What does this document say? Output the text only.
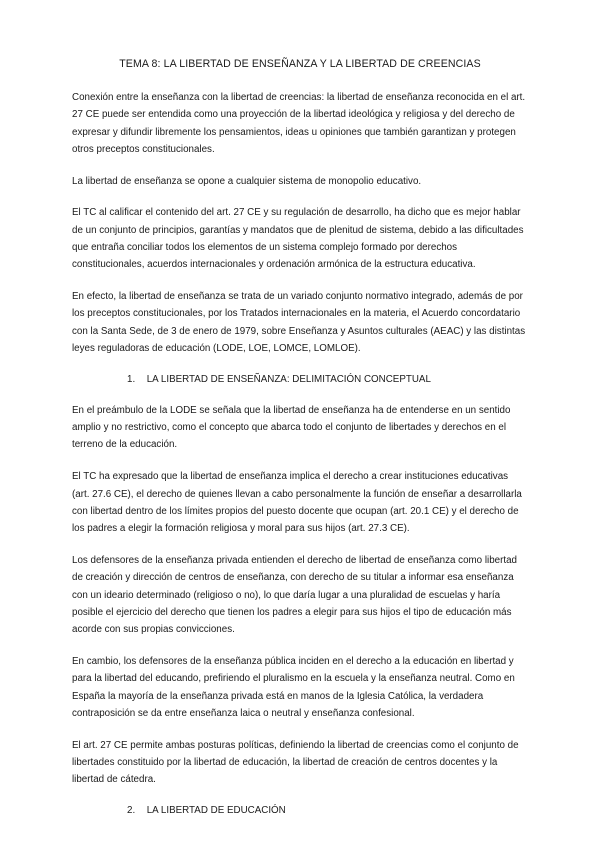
TEMA 8: LA LIBERTAD DE ENSEÑANZA Y LA LIBERTAD DE CREENCIAS

Conexión entre la enseñanza con la libertad de creencias: la libertad de enseñanza reconocida en el art. 27 CE puede ser entendida como una proyección de la libertad ideológica y religiosa y del derecho de expresar y difundir libremente los pensamientos, ideas u opiniones que también garantizan y protegen otros preceptos constitucionales.

La libertad de enseñanza se opone a cualquier sistema de monopolio educativo.

El TC al calificar el contenido del art. 27 CE y su regulación de desarrollo, ha dicho que es mejor hablar de un conjunto de principios, garantías y mandatos que de plenitud de sistema, debido a las dificultades que entraña conciliar todos los elementos de un sistema complejo formado por derechos constitucionales, acuerdos internacionales y ordenación armónica de la estructura educativa.

En efecto, la libertad de enseñanza se trata de un variado conjunto normativo integrado, además de por los preceptos constitucionales, por los Tratados internacionales en la materia, el Acuerdo concordatario con la Santa Sede, de 3 de enero de 1979, sobre Enseñanza y Asuntos culturales (AEAC) y las distintas leyes reguladoras de educación (LODE, LOE, LOMCE, LOMLOE).

1. LA LIBERTAD DE ENSEÑANZA: DELIMITACIÓN CONCEPTUAL

En el preámbulo de la LODE se señala que la libertad de enseñanza ha de entenderse en un sentido amplio y no restrictivo, como el concepto que abarca todo el conjunto de libertades y derechos en el terreno de la educación.

El TC ha expresado que la libertad de enseñanza implica el derecho a crear instituciones educativas (art. 27.6 CE), el derecho de quienes llevan a cabo personalmente la función de enseñar a desarrollarla con libertad dentro de los límites propios del puesto docente que ocupan (art. 20.1 CE) y el derecho de los padres a elegir la formación religiosa y moral para sus hijos (art. 27.3 CE).

Los defensores de la enseñanza privada entienden el derecho de libertad de enseñanza como libertad de creación y dirección de centros de enseñanza, con derecho de su titular a informar esa enseñanza con un ideario determinado (religioso o no), lo que daría lugar a una pluralidad de escuelas y haría posible el ejercicio del derecho que tienen los padres a elegir para sus hijos el tipo de educación más acorde con sus propias convicciones.

En cambio, los defensores de la enseñanza pública inciden en el derecho a la educación en libertad y para la libertad del educando, prefiriendo el pluralismo en la escuela y la enseñanza neutral. Como en España la mayoría de la enseñanza privada está en manos de la Iglesia Católica, la verdadera contraposición se da entre enseñanza laica o neutral y enseñanza confesional.

El art. 27 CE permite ambas posturas políticas, definiendo la libertad de creencias como el conjunto de libertades constituido por la libertad de educación, la libertad de creación de centros docentes y la libertad de cátedra.

2. LA LIBERTAD DE EDUCACIÓN
